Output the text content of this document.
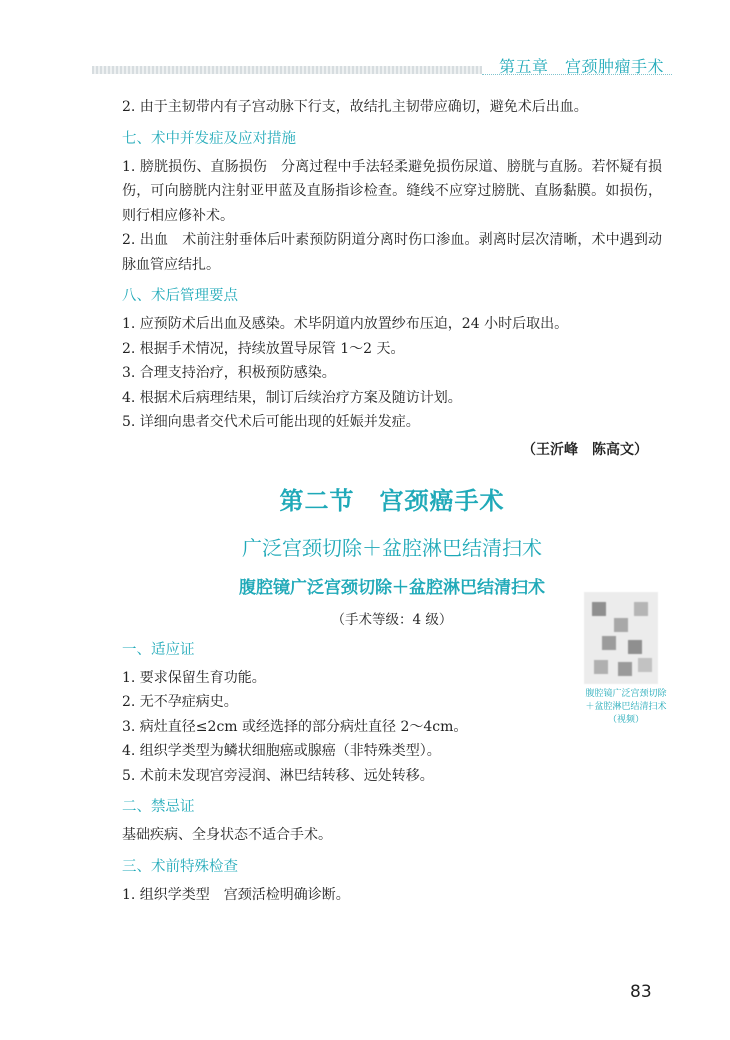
第五章　宫颈肿瘤手术

2. 由于主韧带内有子宫动脉下行支，故结扎主韧带应确切，避免术后出血。

七、术中并发症及应对措施

1. 膀胱损伤、直肠损伤　分离过程中手法轻柔避免损伤尿道、膀胱与直肠。若怀疑有损伤，可向膀胱内注射亚甲蓝及直肠指诊检查。缝线不应穿过膀胱、直肠黏膜。如损伤，则行相应修补术。

2. 出血　术前注射垂体后叶素预防阴道分离时伤口渗血。剥离时层次清晰，术中遇到动脉血管应结扎。

八、术后管理要点
1. 应预防术后出血及感染。术毕阴道内放置纱布压迫，24 小时后取出。
2. 根据手术情况，持续放置导尿管 1～2 天。
3. 合理支持治疗，积极预防感染。
4. 根据术后病理结果，制订后续治疗方案及随访计划。
5. 详细向患者交代术后可能出现的妊娠并发症。
（王沂峰　陈高文）
第二节　宫颈癌手术
广泛宫颈切除＋盆腔淋巴结清扫术
腹腔镜广泛宫颈切除＋盆腔淋巴结清扫术
（手术等级：4 级）
一、适应证
1. 要求保留生育功能。
2. 无不孕症病史。
3. 病灶直径≤2cm 或经选择的部分病灶直径 2～4cm。
4. 组织学类型为鳞状细胞癌或腺癌（非特殊类型）。
5. 术前未发现宫旁浸润、淋巴结转移、远处转移。
二、禁忌证

基础疾病、全身状态不适合手术。

三、术前特殊检查
1. 组织学类型　宫颈活检明确诊断。
腹腔镜广泛宫颈切除＋盆腔淋巴结清扫术（视频）
83
